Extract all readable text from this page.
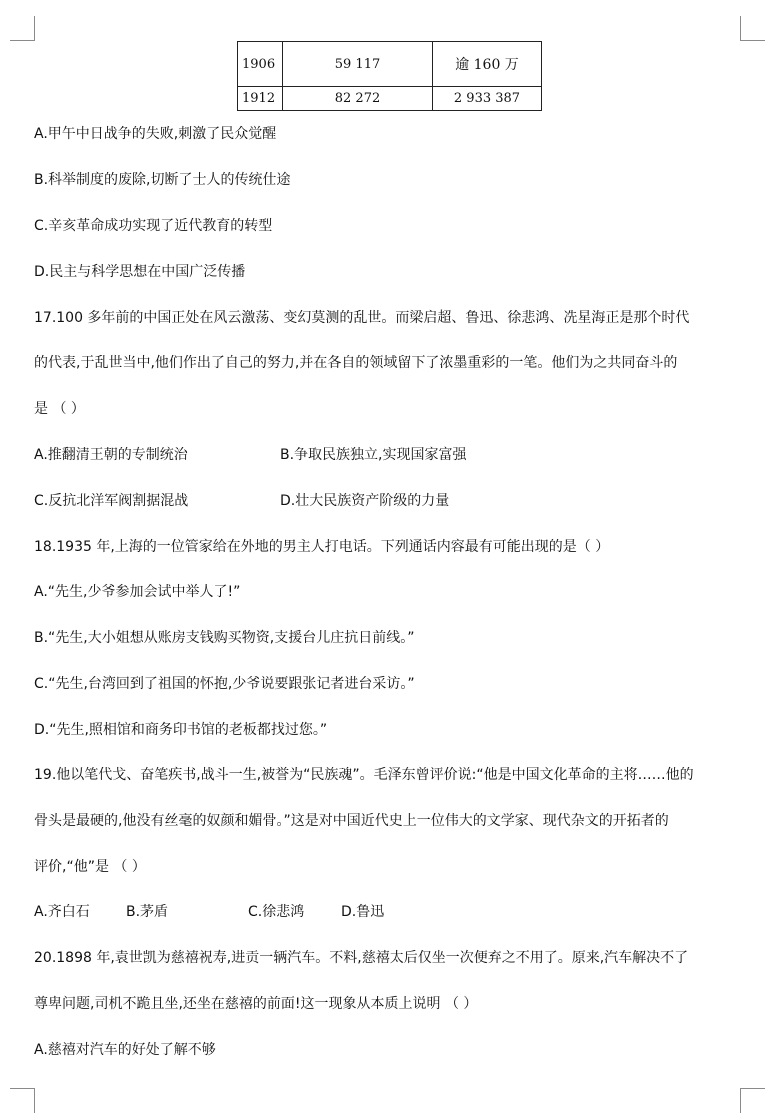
1906	59 117	逾 160 万
1912	82 272	2 933 387
A.甲午中日战争的失败,刺激了民众觉醒
B.科举制度的废除,切断了士人的传统仕途
C.辛亥革命成功实现了近代教育的转型
D.民主与科学思想在中国广泛传播
17.100 多年前的中国正处在风云激荡、变幻莫测的乱世。而梁启超、鲁迅、徐悲鸿、冼星海正是那个时代
的代表,于乱世当中,他们作出了自己的努力,并在各自的领域留下了浓墨重彩的一笔。他们为之共同奋斗的
是 （ ）
A.推翻清王朝的专制统治	B.争取民族独立,实现国家富强
C.反抗北洋军阀割据混战	D.壮大民族资产阶级的力量
18.1935 年,上海的一位管家给在外地的男主人打电话。下列通话内容最有可能出现的是（ ）
A.“先生,少爷参加会试中举人了!”
B.“先生,大小姐想从账房支钱购买物资,支援台儿庄抗日前线。”
C.“先生,台湾回到了祖国的怀抱,少爷说要跟张记者进台采访。”
D.“先生,照相馆和商务印书馆的老板都找过您。”
19.他以笔代戈、奋笔疾书,战斗一生,被誉为“民族魂”。毛泽东曾评价说:“他是中国文化革命的主将……他的
骨头是最硬的,他没有丝毫的奴颜和媚骨。”这是对中国近代史上一位伟大的文学家、现代杂文的开拓者的
评价,“他”是 （ ）
A.齐白石	B.茅盾	C.徐悲鸿	D.鲁迅
20.1898 年,袁世凯为慈禧祝寿,进贡一辆汽车。不料,慈禧太后仅坐一次便弃之不用了。原来,汽车解决不了
尊卑问题,司机不跪且坐,还坐在慈禧的前面!这一现象从本质上说明 （ ）
A.慈禧对汽车的好处了解不够
